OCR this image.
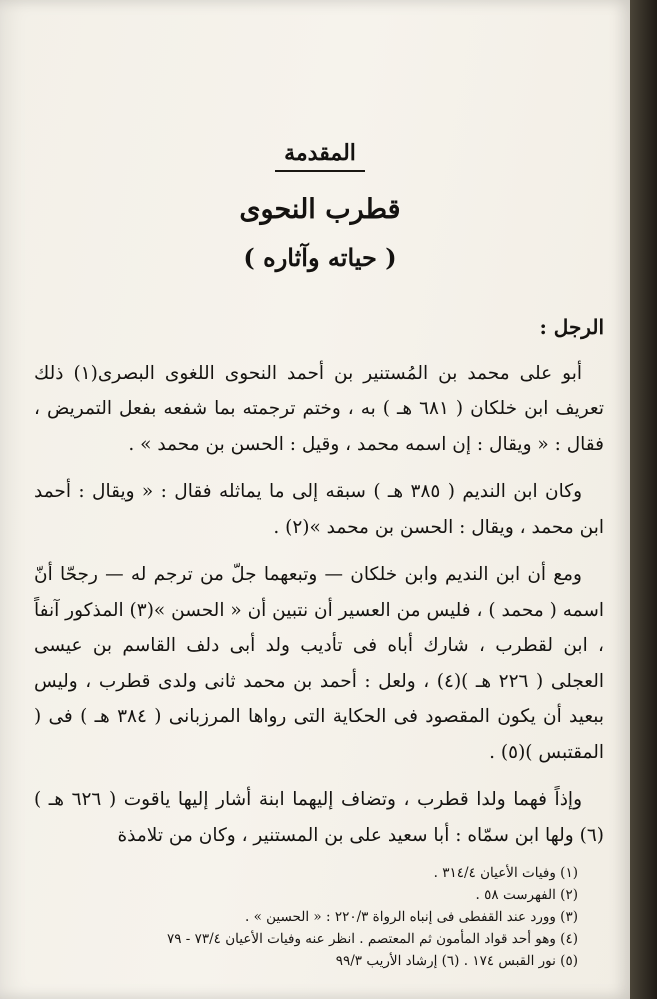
المقدمة
قطرب النحوى
( حياته وآثاره )

الرجل :

أبو على محمد بن المُستنير بن أحمد النحوى اللغوى البصرى(١) ذلك تعريف ابن خلكان ( ٦٨١ هـ ) به ، وختم ترجمته بما شفعه بفعل التمريض ، فقال : « ويقال : إن اسمه محمد ، وقيل : الحسن بن محمد » .

وكان ابن النديم ( ٣٨٥ هـ ) سبقه إلى ما يماثله فقال : « ويقال : أحمد ابن محمد ، ويقال : الحسن بن محمد »(٢) .

ومع أن ابن النديم وابن خلكان — وتبعهما جلّ من ترجم له — رجحّا أنّ اسمه ( محمد ) ، فليس من العسير أن نتبين أن « الحسن »(٣) المذكور آنفاً ، ابن لقطرب ، شارك أباه فى تأديب ولد أبى دلف القاسم بن عيسى العجلى ( ٢٢٦ هـ )(٤) ، ولعل : أحمد بن محمد ثانى ولدى قطرب ، وليس ببعيد أن يكون المقصود فى الحكاية التى رواها المرزبانى ( ٣٨٤ هـ ) فى ( المقتبس )(٥) .

وإذاً فهما ولدا قطرب ، وتضاف إليهما ابنة أشار إليها ياقوت ( ٦٢٦ هـ )(٦) ولها ابن سمّاه : أبا سعيد على بن المستنير ، وكان من تلامذة

(١) وفيات الأعيان ٣١٤/٤ .

(٢) الفهرست ٥٨ .

(٣) وورد عند القفطى فى إنباه الرواة ٢٢٠/٣ : « الحسين » .

(٤) وهو أحد قواد المأمون ثم المعتصم . انظر عنه وفيات الأعيان ٧٣/٤ - ٧٩

(٥) نور القبس ١٧٤ . (٦) إرشاد الأريب ٩٩/٣
